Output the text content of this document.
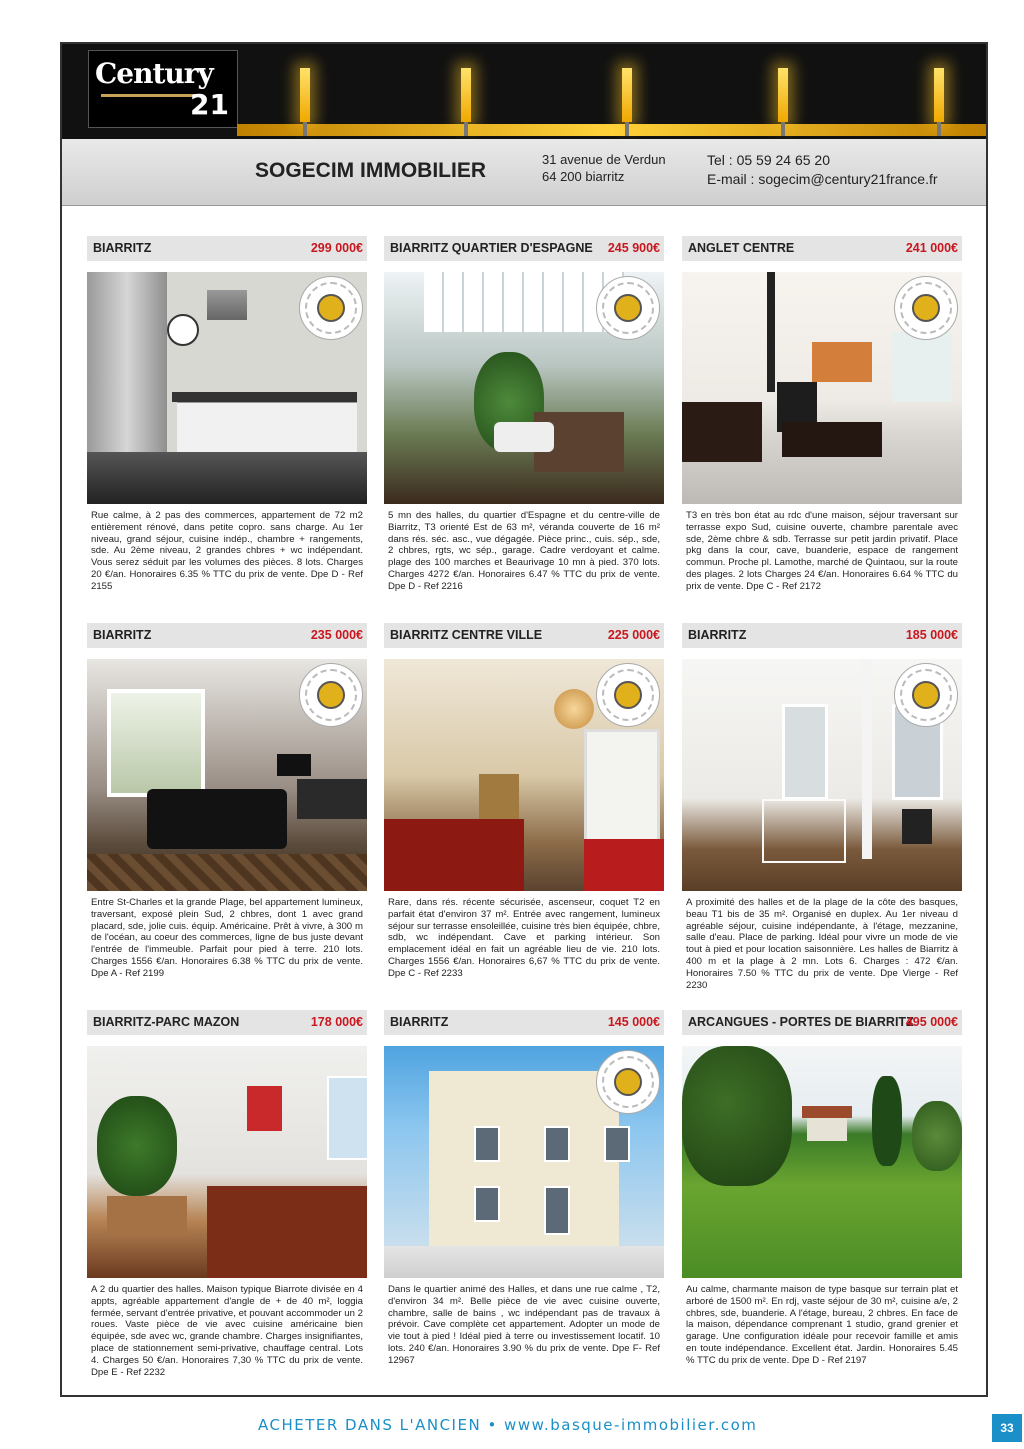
Century
21
SOGECIM IMMOBILIER	31 avenue de Verdun
64 200 biarritz
Tel : 05 59 24 65 20
E-mail : sogecim@century21france.fr
BIARRITZ	299 000€

Rue calme, à 2 pas des commerces, appartement de 72 m2 entièrement rénové, dans petite copro. sans charge. Au 1er niveau, grand séjour, cuisine indép., chambre + rangements, sde. Au 2ème niveau, 2 grandes chbres + wc indépendant. Vous serez séduit par les volumes des pièces. 8 lots. Charges 20 €/an. Honoraires 6.35 % TTC du prix de vente. Dpe D - Ref 2155

BIARRITZ QUARTIER D'ESPAGNE 245 900€

5 mn des halles, du quartier d'Espagne et du centre-ville de Biarritz, T3 orienté Est de 63 m², véranda couverte de 16 m² dans rés. séc. asc., vue dégagée. Pièce princ., cuis. sép., sde, 2 chbres, rgts, wc sép., garage. Cadre verdoyant et calme. plage des 100 marches et Beaurivage 10 mn à pied. 370 lots. Charges 4272 €/an. Honoraires 6.47 % TTC du prix de vente. Dpe D - Ref 2216

ANGLET CENTRE	241 000€

T3 en très bon état au rdc d'une maison, séjour traversant sur terrasse expo Sud, cuisine ouverte, chambre parentale avec sde, 2ème chbre & sdb. Terrasse sur petit jardin privatif. Place pkg dans la cour, cave, buanderie, espace de rangement commun. Proche pl. Lamothe, marché de Quintaou, sur la route des plages. 2 lots Charges 24 €/an. Honoraires 6.64 % TTC du prix de vente. Dpe C - Ref 2172

BIARRITZ	235 000€

Entre St-Charles et la grande Plage, bel appartement lumineux, traversant, exposé plein Sud, 2 chbres, dont 1 avec grand placard, sde, jolie cuis. équip. Américaine. Prêt à vivre, à 300 m de l'océan, au coeur des commerces, ligne de bus juste devant l'entrée de l'immeuble. Parfait pour pied à terre. 210 lots. Charges 1556 €/an. Honoraires 6.38 % TTC du prix de vente. Dpe A - Ref 2199

BIARRITZ CENTRE VILLE	225 000€

Rare, dans rés. récente sécurisée, ascenseur, coquet T2 en parfait état d'environ 37 m². Entrée avec rangement, lumineux séjour sur terrasse ensoleillée, cuisine très bien équipée, chbre, sdb, wc indépendant. Cave et parking intérieur. Son emplacement idéal en fait un agréable lieu de vie. 210 lots. Charges 1556 €/an. Honoraires 6,67 % TTC du prix de vente. Dpe C - Ref 2233

BIARRITZ	185 000€

A proximité des halles et de la plage de la côte des basques, beau T1 bis de 35 m². Organisé en duplex. Au 1er niveau d agréable séjour, cuisine indépendante, à l'étage, mezzanine, salle d'eau. Place de parking. Idéal pour vivre un mode de vie tout à pied et pour location saisonnière. Les halles de Biarritz à 400 m et la plage à 2 mn. Lots 6. Charges : 472 €/an. Honoraires 7.50 % TTC du prix de vente. Dpe Vierge - Ref 2230

BIARRITZ-PARC MAZON	178 000€

A 2 du quartier des halles. Maison typique Biarrote divisée en 4 appts, agréable appartement d'angle de + de 40 m², loggia fermée, servant d'entrée privative, et pouvant accommoder un 2 roues. Vaste pièce de vie avec cuisine américaine bien équipée, sde avec wc, grande chambre. Charges insignifiantes, place de stationnement semi-privative, chauffage central. Lots 4. Charges 50 €/an. Honoraires 7,30 % TTC du prix de vente. Dpe E - Ref 2232

BIARRITZ	145 000€

Dans le quartier animé des Halles, et dans une rue calme , T2, d'environ 34 m². Belle pièce de vie avec cuisine ouverte, chambre, salle de bains , wc indépendant pas de travaux à prévoir. Cave complète cet appartement. Adopter un mode de vie tout à pied ! Idéal pied à terre ou investissement locatif. 10 lots. 240 €/an. Honoraires 3.90 % du prix de vente. Dpe F- Ref 12967

ARCANGUES - PORTES DE BIARRITZ
495 000€

Au calme, charmante maison de type basque sur terrain plat et arboré de 1500 m². En rdj, vaste séjour de 30 m², cuisine a/e, 2 chbres, sde, buanderie. A l'étage, bureau, 2 chbres. En face de la maison, dépendance comprenant 1 studio, grand grenier et garage. Une configuration idéale pour recevoir famille et amis en toute indépendance. Excellent état. Jardin. Honoraires 5.45 % TTC du prix de vente. Dpe D - Ref 2197

ACHETER DANS L'ANCIEN • www.basque-immobilier.com	33
